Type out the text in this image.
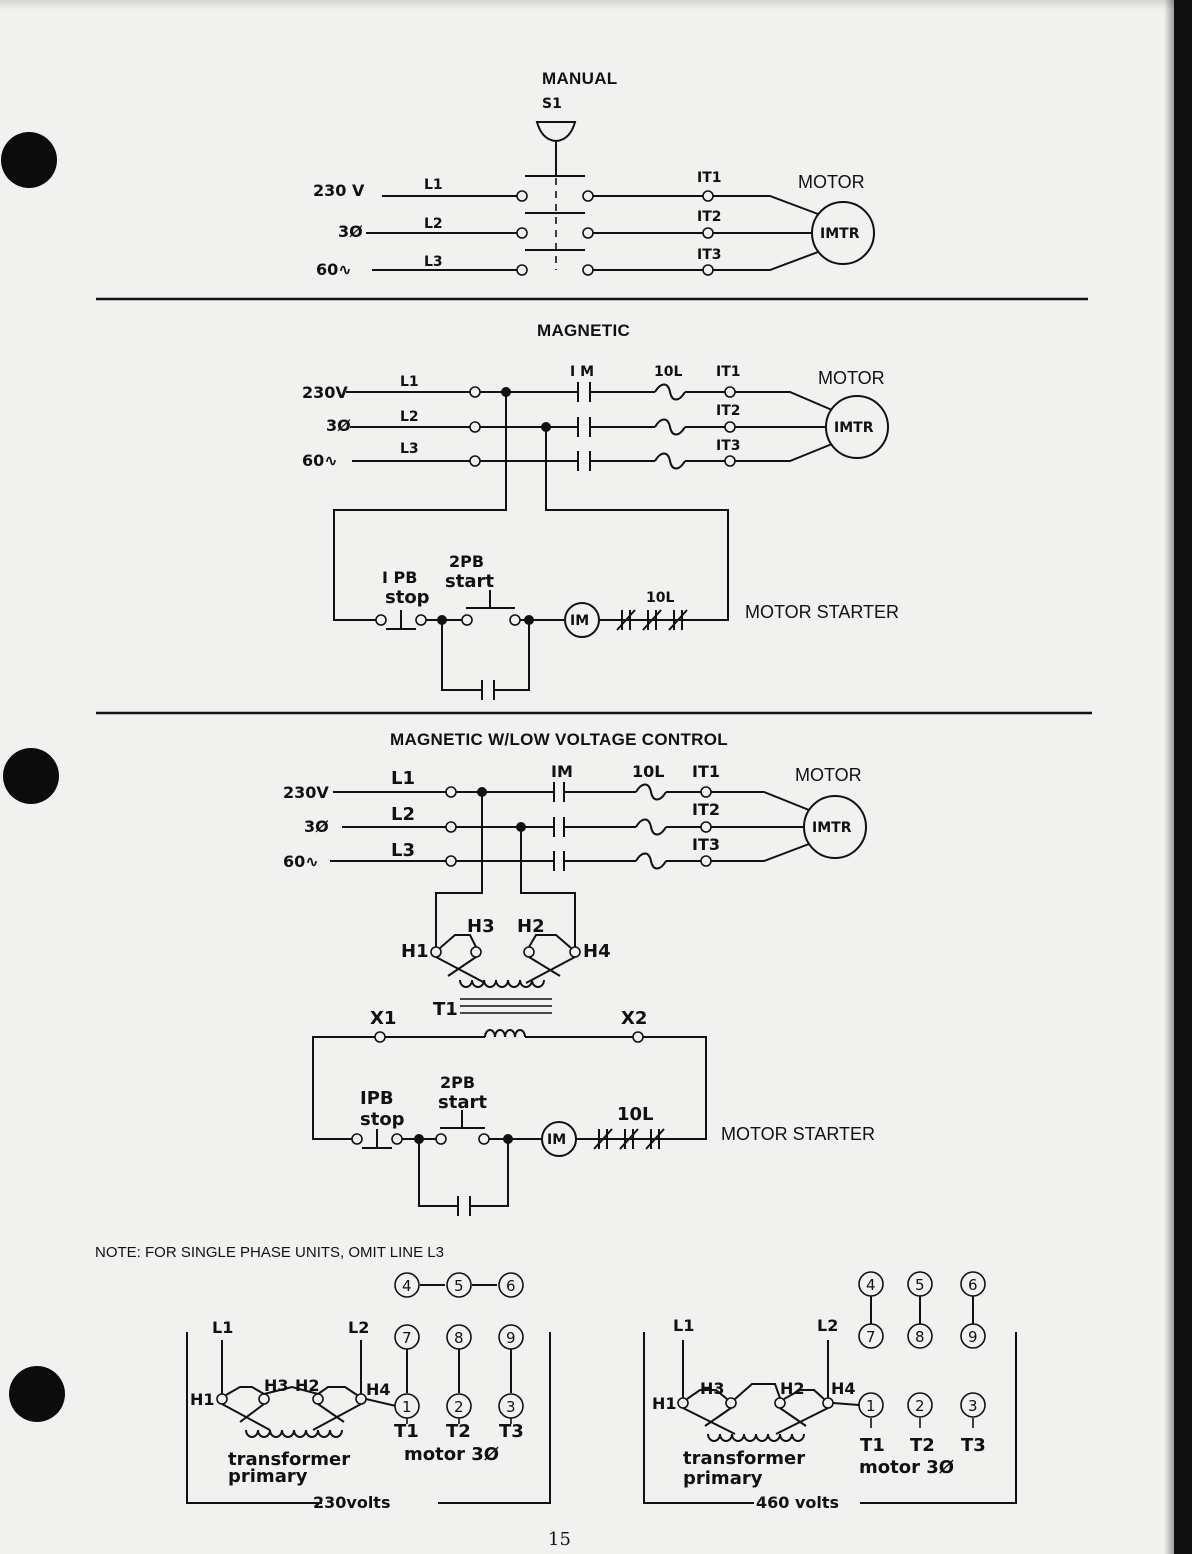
MANUAL
S1
230 V
3Ø
60∿
L1
L2
L3
IT1
IT2
IT3
IMTR
MOTOR
MAGNETIC
230V
3Ø
60∿
L1
L2
L3
I M	10L IT1
IT2
IT3
IMTR
MOTOR
I PB
stop
2PB
start
IM
10L
MOTOR STARTER
MAGNETIC W/LOW VOLTAGE CONTROL
230V
3Ø
60∿
L1
L2
L3
IM	10L IT1
IT2
IT3
IMTR
MOTOR
H1
H3 H2
H4
T1
X1	X2
IPB
stop
2PB
start
IM
10L
MOTOR STARTER
NOTE: FOR SINGLE PHASE UNITS, OMIT LINE L3
230volts
L1	L2
H1
H3 H2	H4
transformer
primary
4	5	6
7	8	9
1	2	3
T1 T2 T3
motor 3Ø
460 volts
L1	L2
H1
H3	H2 H4
transformer
primary
4	5	6
7	8	9
1	2	3
T1 T2 T3
motor 3Ø
15
